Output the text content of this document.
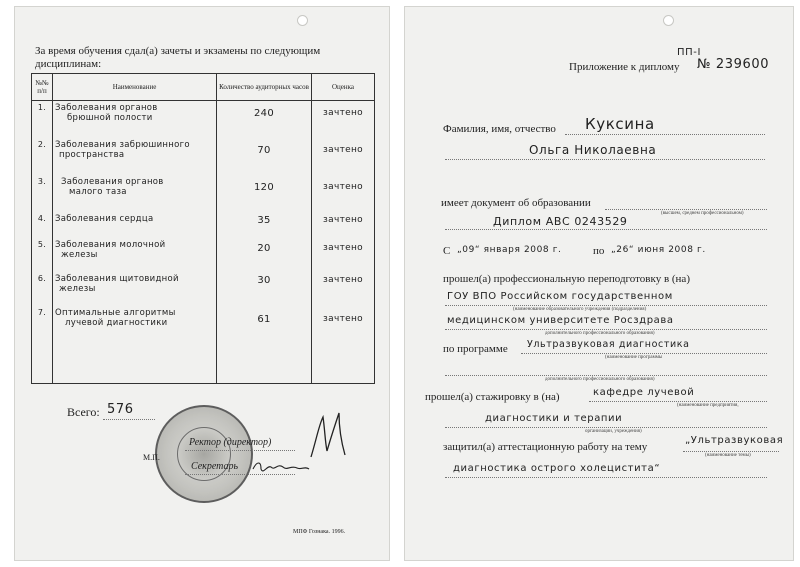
За время обучения сдал(а) зачеты и экзамены по следующим
дисциплинам:
№№ п/п	Наименование	Количество аудиторных часов	Оценка
1.	Заболевания органов
брюшной полости	240	зачтено
2.	Заболевания забрюшинного
пространства	70	зачтено
3.	Заболевания органов
малого таза	120	зачтено
4.	Заболевания сердца	35	зачтено
5.	Заболевания молочной
железы	20	зачтено
6.	Заболевания щитовидной
железы	30	зачтено
7.	Оптимальные алгоритмы
лучевой диагностики	61	зачтено
Всего: 576
Ректор (директор)
М.П.
Секретарь
МПФ Гознака. 1996.
ПП-I
Приложение к диплому № 239600
Фамилия, имя, отчество Куксина
Ольга Николаевна
имеет документ об образовании
(высшем, среднем профессиональном)
Диплом АВС 0243529
С „09“ января 2008 г.	по „26“ июня 2008 г.
прошел(а) профессиональную переподготовку в (на)
ГОУ ВПО Российском государственном
(наименование образовательного учреждения (подразделения)
медицинском университете Росздрава
дополнительного профессионального образования)
по программе Ультразвуковая диагностика
(наименование программы
дополнительного профессионального образования)
прошел(а) стажировку в (на)	кафедре лучевой
(наименование предприятия,
диагностики и терапии
организации, учреждения)
защитил(а) аттестационную работу на тему
„Ультразвуковая
(наименование темы)
диагностика острого холецистита“
